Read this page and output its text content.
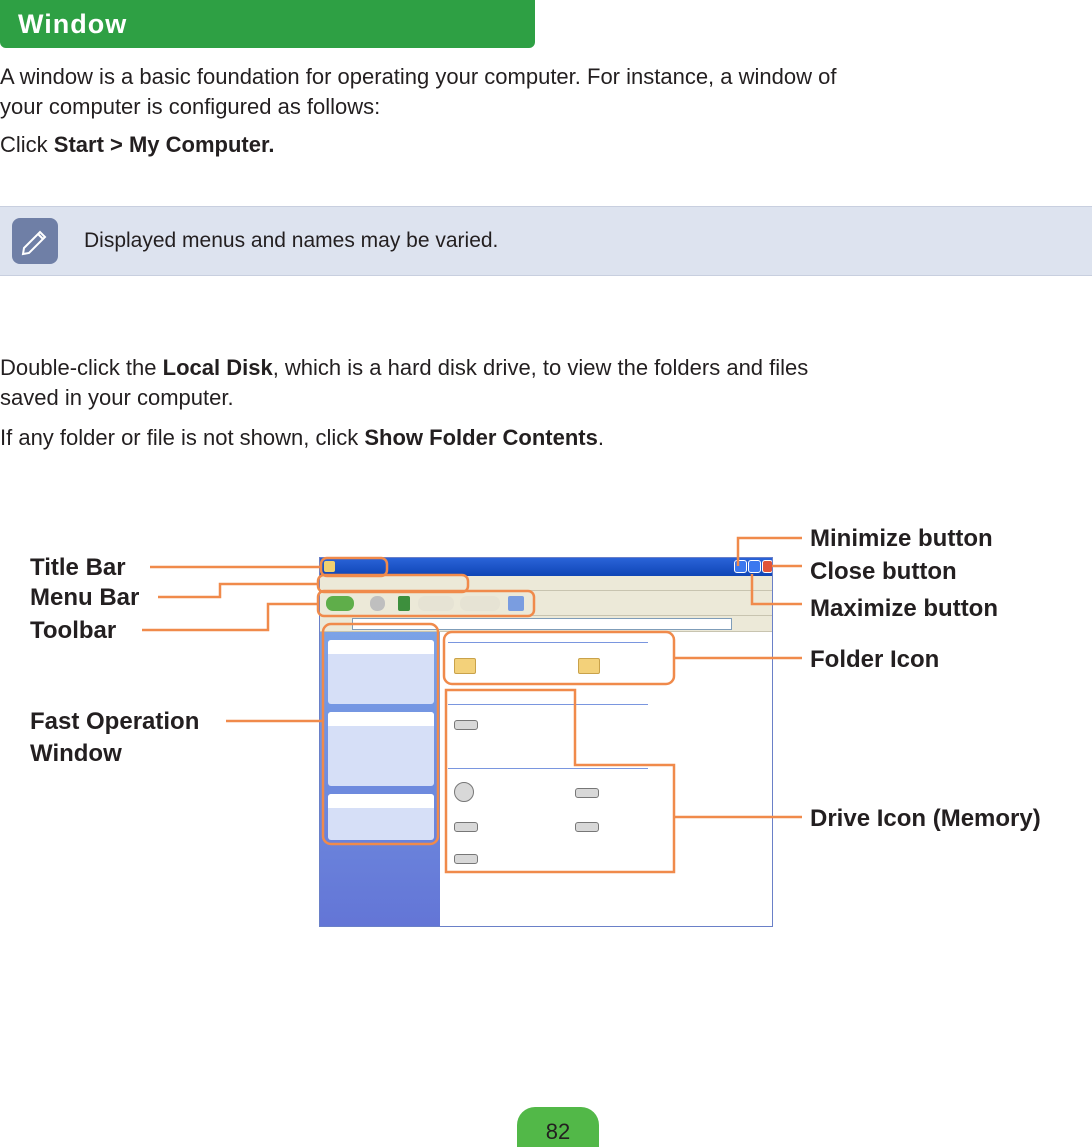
Window
A window is a basic foundation for operating your computer. For instance, a window of
your computer is configured as follows:
Click Start > My Computer.
Displayed menus and names may be varied.
Double-click the Local Disk, which is a hard disk drive, to view the folders and files
saved in your computer.
If any folder or file is not shown, click Show Folder Contents.
Title Bar
Menu Bar
Toolbar
Fast Operation
Window
Minimize button
Close button
Maximize button
Folder Icon
Drive Icon (Memory)
82
